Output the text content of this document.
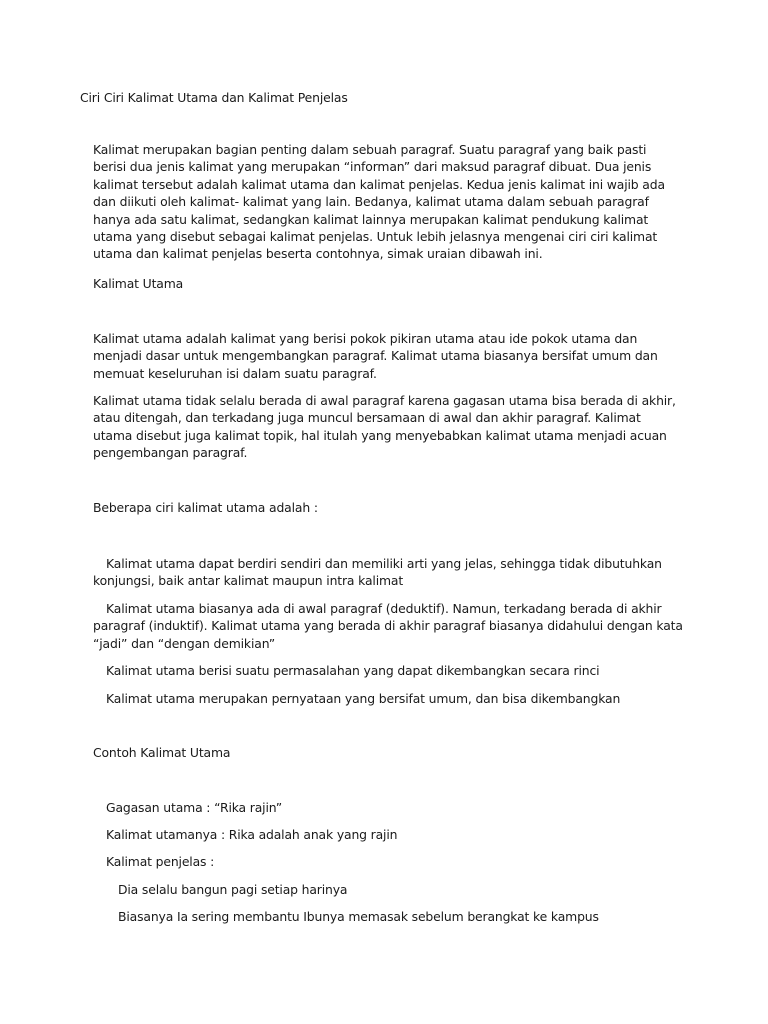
Ciri Ciri Kalimat Utama dan Kalimat Penjelas

Kalimat merupakan bagian penting dalam sebuah paragraf. Suatu paragraf yang baik pasti berisi dua jenis kalimat yang merupakan “informan” dari maksud paragraf dibuat. Dua jenis kalimat tersebut adalah kalimat utama dan kalimat penjelas. Kedua jenis kalimat ini wajib ada dan diikuti oleh kalimat- kalimat yang lain. Bedanya, kalimat utama dalam sebuah paragraf hanya ada satu kalimat, sedangkan kalimat lainnya merupakan kalimat pendukung kalimat utama yang disebut sebagai kalimat penjelas. Untuk lebih jelasnya mengenai ciri ciri kalimat utama dan kalimat penjelas beserta contohnya, simak uraian dibawah ini.

Kalimat Utama

Kalimat utama adalah kalimat yang berisi pokok pikiran utama atau ide pokok utama dan menjadi dasar untuk mengembangkan paragraf. Kalimat utama biasanya bersifat umum dan memuat keseluruhan isi dalam suatu paragraf.

Kalimat utama tidak selalu berada di awal paragraf karena gagasan utama bisa berada di akhir, atau ditengah, dan terkadang juga muncul bersamaan di awal dan akhir paragraf. Kalimat utama disebut juga kalimat topik, hal itulah yang menyebabkan kalimat utama menjadi acuan pengembangan paragraf.

Beberapa ciri kalimat utama adalah :

Kalimat utama dapat berdiri sendiri dan memiliki arti yang jelas, sehingga tidak dibutuhkan konjungsi, baik antar kalimat maupun intra kalimat

Kalimat utama biasanya ada di awal paragraf (deduktif). Namun, terkadang berada di akhir paragraf (induktif). Kalimat utama yang berada di akhir paragraf biasanya didahului dengan kata “jadi” dan “dengan demikian”

Kalimat utama berisi suatu permasalahan yang dapat dikembangkan secara rinci

Kalimat utama merupakan pernyataan yang bersifat umum, dan bisa dikembangkan

Contoh Kalimat Utama

Gagasan utama : “Rika rajin”

Kalimat utamanya : Rika adalah anak yang rajin

Kalimat penjelas :

Dia selalu bangun pagi setiap harinya

Biasanya Ia sering membantu Ibunya memasak sebelum berangkat ke kampus
